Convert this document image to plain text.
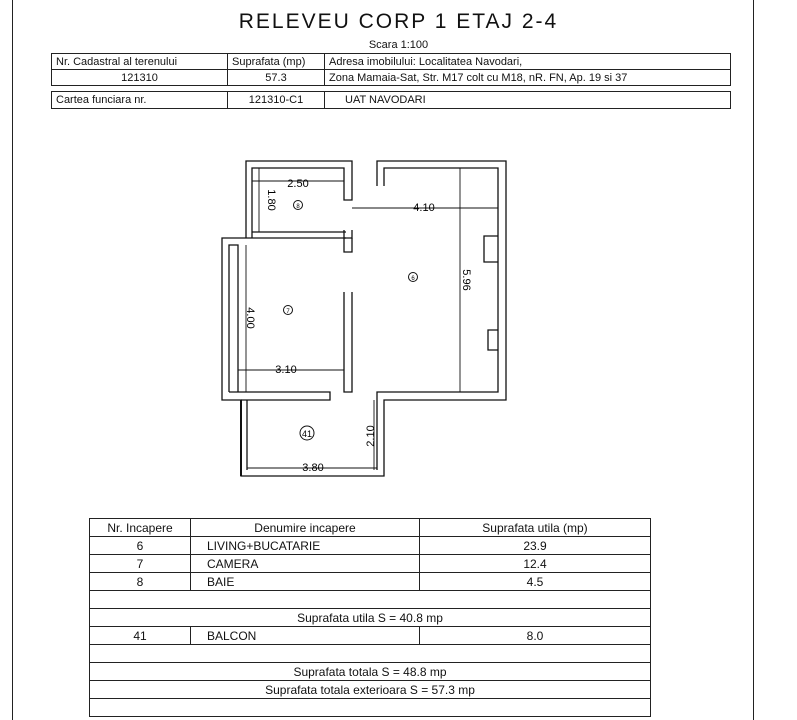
RELEVEU CORP 1 ETAJ 2-4
Scara 1:100
Nr. Cadastral al terenului	Suprafata (mp)	Adresa imobilului: Localitatea Navodari,
121310	57.3	Zona Mamaia-Sat, Str. M17 colt cu M18, nR. FN, Ap. 19 si 37
Cartea funciara nr.	121310-C1	UAT NAVODARI
2.50
1.80	4.10
5.96
4.00
3.10
2.10
3.80
8
6
7
41
Nr. Incapere	Denumire incapere	Suprafata utila (mp)
6	LIVING+BUCATARIE	23.9
7	CAMERA	12.4
8	BAIE	4.5

Suprafata utila S = 40.8 mp		
41	BALCON	8.0

Suprafata totala S = 48.8 mp		
Suprafata totala exterioara S = 57.3 mp		
